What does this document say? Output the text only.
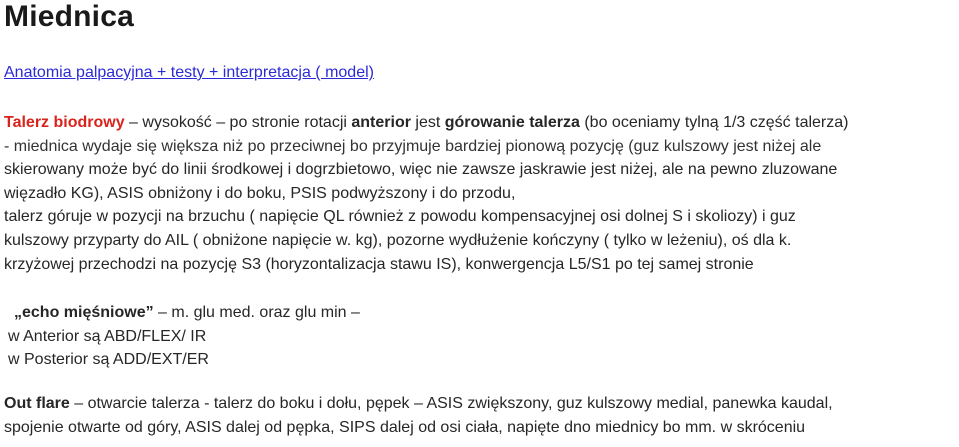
Miednica
Anatomia palpacyjna + testy + interpretacja ( model)
Talerz biodrowy – wysokość – po stronie rotacji anterior jest górowanie talerza (bo oceniamy tylną 1/3 część talerza)
- miednica wydaje się większa niż po przeciwnej bo przyjmuje bardziej pionową pozycję (guz kulszowy jest niżej ale
skierowany może być do linii środkowej i dogrzbietowo, więc nie zawsze jaskrawie jest niżej, ale na pewno zluzowane
więzadło KG), ASIS obniżony i do boku, PSIS podwyższony i do przodu,
talerz góruje w pozycji na brzuchu ( napięcie QL również z powodu kompensacyjnej osi dolnej S i skoliozy) i guz
kulszowy przyparty do AIL ( obniżone napięcie w. kg), pozorne wydłużenie kończyny ( tylko w leżeniu), oś dla k.
krzyżowej przechodzi na pozycję S3 (horyzontalizacja stawu IS), konwergencja L5/S1 po tej samej stronie
„echo mięśniowe” – m. glu med. oraz glu min –
w Anterior są ABD/FLEX/ IR
w Posterior są ADD/EXT/ER
Out flare – otwarcie talerza - talerz do boku i dołu, pępek – ASIS zwiększony, guz kulszowy medial, panewka kaudal,
spojenie otwarte od góry, ASIS dalej od pępka, SIPS dalej od osi ciała, napięte dno miednicy bo mm. w skróceniu
